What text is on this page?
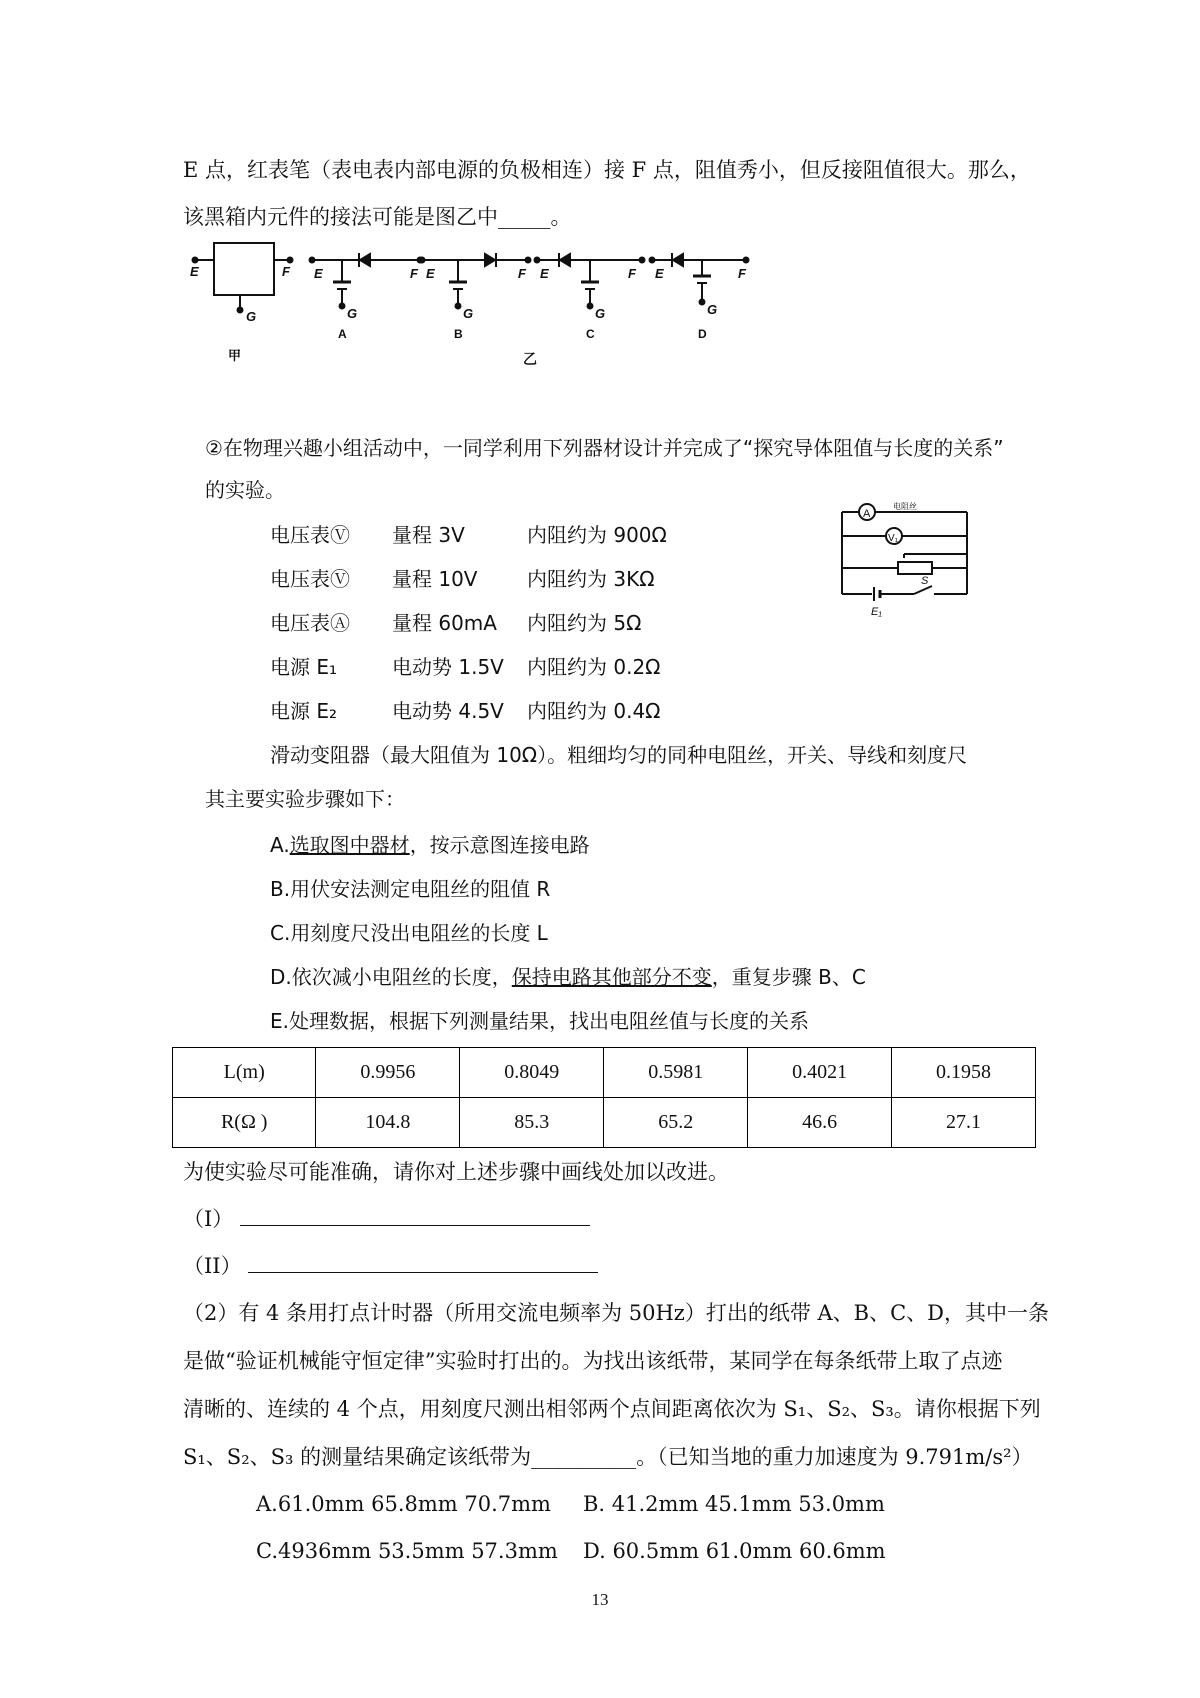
E 点，红表笔（表电表内部电源的负极相连）接 F 点，阻值秀小，但反接阻值很大。那么，
该黑箱内元件的接法可能是图乙中_____。
E	F
G
E	F
G
E	F
G
E	F
G
E	F
G
A	B	C	D
甲	乙
②在物理兴趣小组活动中，一同学利用下列器材设计并完成了“探究导体阻值与长度的关系”
的实验。
电压表Ⓥ 量程 3V	内阻约为 900Ω
电压表Ⓥ 量程 10V 内阻约为 3KΩ
电压表Ⓐ 量程 60mA 内阻约为 5Ω
电源 E₁	电动势 1.5V 内阻约为 0.2Ω
电源 E₂	电动势 4.5V 内阻约为 0.4Ω
A
V₁
电阻丝
E₁
S
滑动变阻器（最大阻值为 10Ω）。粗细均匀的同种电阻丝，开关、导线和刻度尺
其主要实验步骤如下：
A.选取图中器材，按示意图连接电路
B.用伏安法测定电阻丝的阻值 R
C.用刻度尺没出电阻丝的长度 L
D.依次减小电阻丝的长度，保持电路其他部分不变，重复步骤 B、C
E.处理数据，根据下列测量结果，找出电阻丝值与长度的关系
L(m)	0.9956	0.8049	0.5981	0.4021	0.1958
R(Ω )	104.8	85.3	65.2	46.6	27.1
为使实验尽可能准确，请你对上述步骤中画线处加以改进。
（I）
（II）
（2）有 4 条用打点计时器（所用交流电频率为 50Hz）打出的纸带 A、B、C、D，其中一条
是做“验证机械能守恒定律”实验时打出的。为找出该纸带，某同学在每条纸带上取了点迹
清晰的、连续的 4 个点，用刻度尺测出相邻两个点间距离依次为 S₁、S₂、S₃。请你根据下列
S₁、S₂、S₃ 的测量结果确定该纸带为__________。（已知当地的重力加速度为 9.791m/s²）
A.61.0mm 65.8mm 70.7mm B. 41.2mm 45.1mm 53.0mm
C.4936mm 53.5mm 57.3mm D. 60.5mm 61.0mm 60.6mm
13
